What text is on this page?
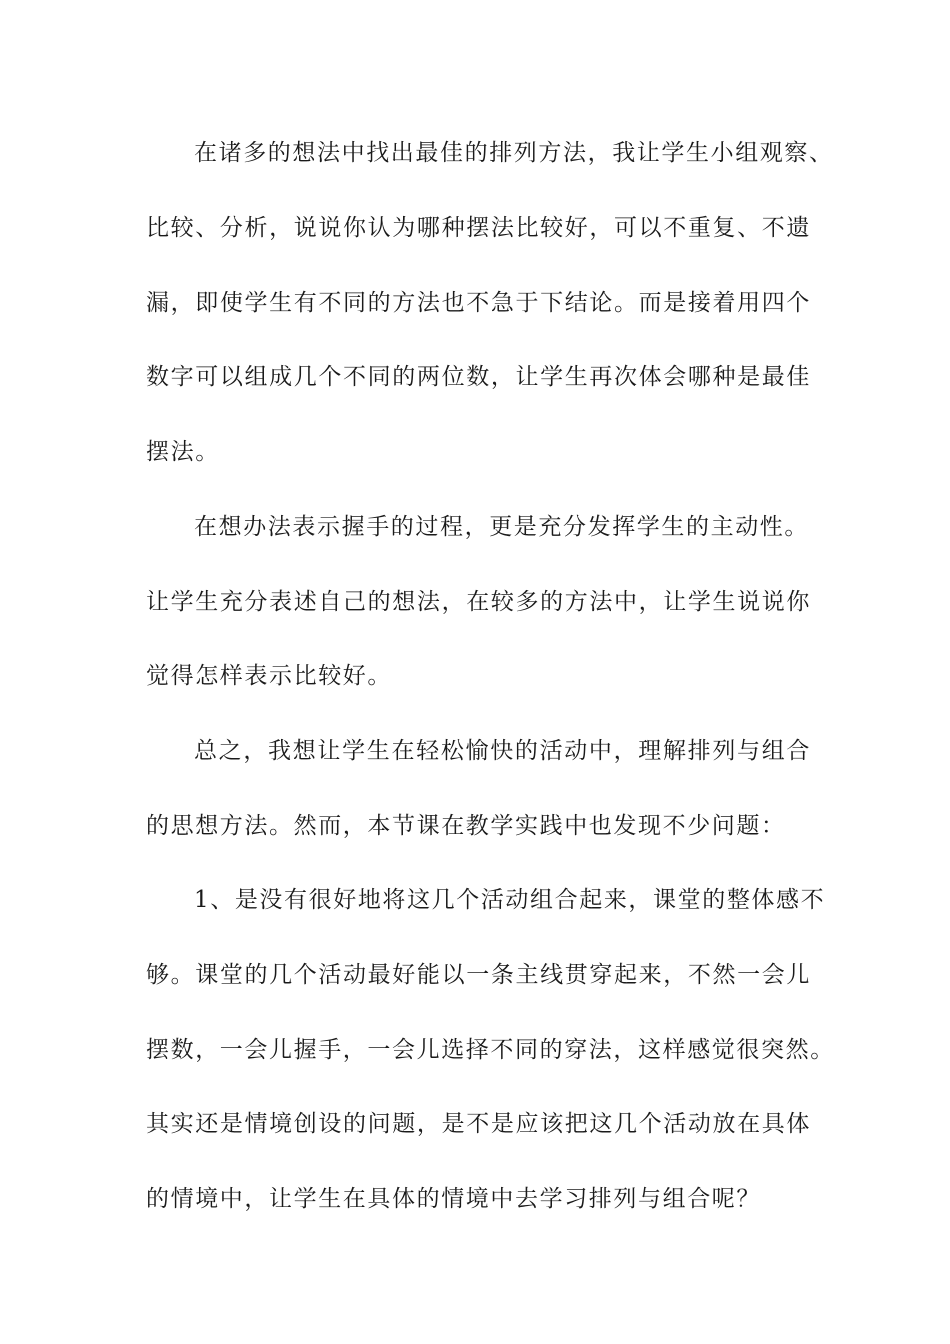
在诸多的想法中找出最佳的排列方法，我让学生小组观察、
比较、分析，说说你认为哪种摆法比较好，可以不重复、不遗
漏，即使学生有不同的方法也不急于下结论。而是接着用四个
数字可以组成几个不同的两位数，让学生再次体会哪种是最佳
摆法。
在想办法表示握手的过程，更是充分发挥学生的主动性。
让学生充分表述自己的想法，在较多的方法中，让学生说说你
觉得怎样表示比较好。
总之，我想让学生在轻松愉快的活动中，理解排列与组合
的思想方法。然而，本节课在教学实践中也发现不少问题：
1、是没有很好地将这几个活动组合起来，课堂的整体感不
够。课堂的几个活动最好能以一条主线贯穿起来，不然一会儿
摆数，一会儿握手，一会儿选择不同的穿法，这样感觉很突然。
其实还是情境创设的问题，是不是应该把这几个活动放在具体
的情境中，让学生在具体的情境中去学习排列与组合呢？
